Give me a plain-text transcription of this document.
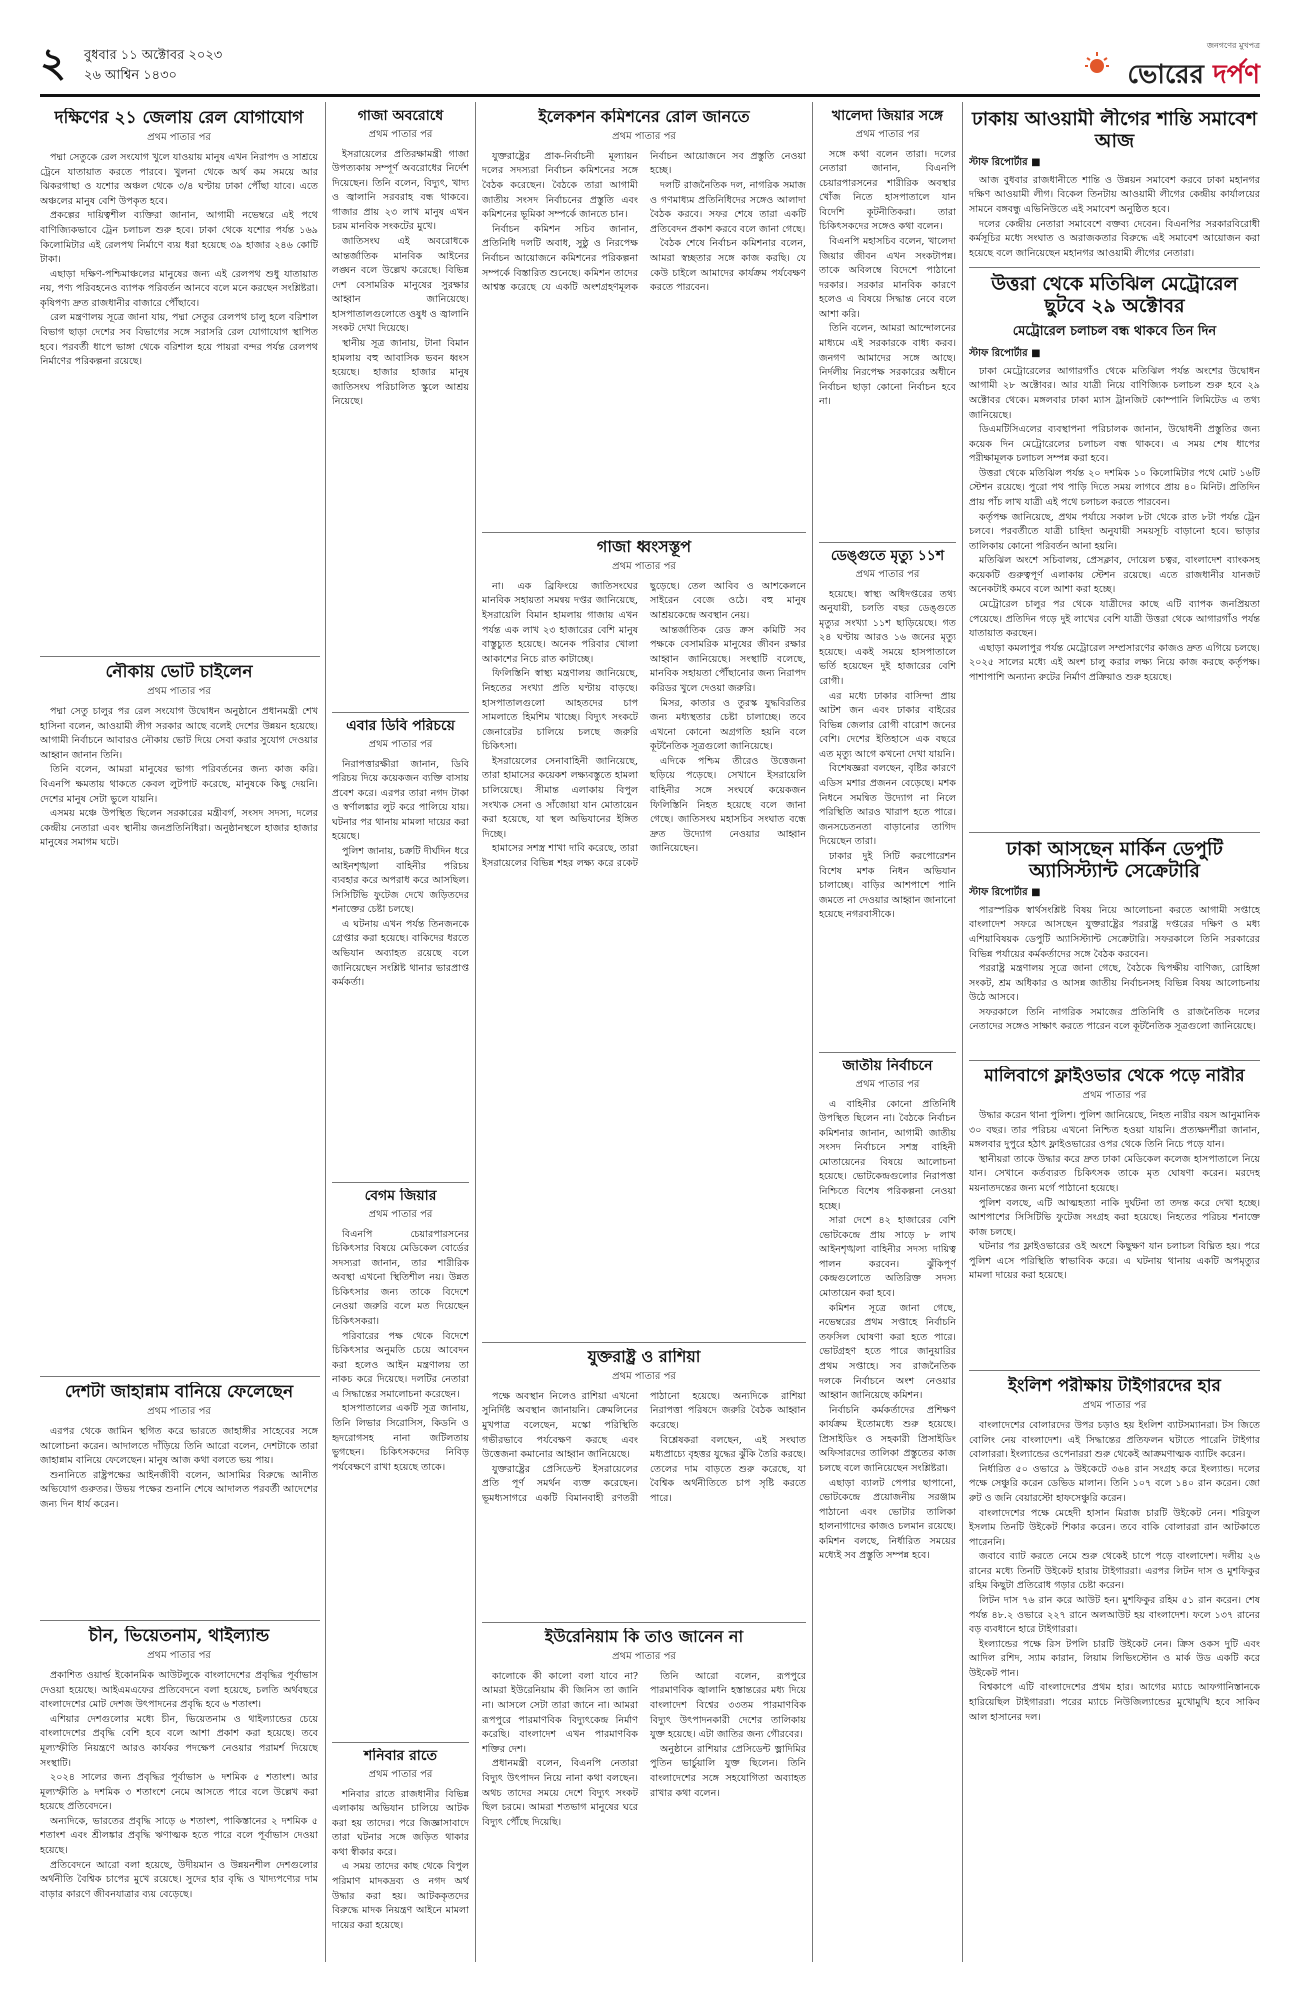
২ বুধবার ১১ অক্টোবর ২০২৩
২৬ আশ্বিন ১৪৩০
জনগণের মুখপত্র
ভোরের দর্পণ
দক্ষিণের ২১ জেলায় রেল যোগাযোগ
প্রথম পাতার পর

পদ্মা সেতুকে রেল সংযোগ খুলে যাওয়ায় মানুষ এখন নিরাপদ ও সাশ্রয়ে ট্রেনে যাতায়াত করতে পারবে। খুলনা থেকে অর্থ কম সময়ে আর ঝিকরগাছা ও যশোর অঞ্চল থেকে ৩/৪ ঘণ্টায় ঢাকা পৌঁছা যাবে। এতে অঞ্চলের মানুষ বেশি উপকৃত হবে।

প্রকল্পের দায়িত্বশীল ব্যক্তিরা জানান, আগামী নভেম্বরে এই পথে বাণিজ্যিকভাবে ট্রেন চলাচল শুরু হবে। ঢাকা থেকে যশোর পর্যন্ত ১৬৯ কিলোমিটার এই রেলপথ নির্মাণে ব্যয় ধরা হয়েছে ৩৯ হাজার ২৪৬ কোটি টাকা।

এছাড়া দক্ষিণ-পশ্চিমাঞ্চলের মানুষের জন্য এই রেলপথ শুধু যাতায়াত নয়, পণ্য পরিবহনেও ব্যাপক পরিবর্তন আনবে বলে মনে করছেন সংশ্লিষ্টরা। কৃষিপণ্য দ্রুত রাজধানীর বাজারে পৌঁছাবে।

রেল মন্ত্রণালয় সূত্রে জানা যায়, পদ্মা সেতুর রেলপথ চালু হলে বরিশাল বিভাগ ছাড়া দেশের সব বিভাগের সঙ্গে সরাসরি রেল যোগাযোগ স্থাপিত হবে। পরবর্তী ধাপে ভাঙ্গা থেকে বরিশাল হয়ে পায়রা বন্দর পর্যন্ত রেলপথ নির্মাণের পরিকল্পনা রয়েছে।

নৌকায় ভোট চাইলেন
প্রথম পাতার পর

পদ্মা সেতু চালুর পর রেল সংযোগ উদ্বোধন অনুষ্ঠানে প্রধানমন্ত্রী শেখ হাসিনা বলেন, আওয়ামী লীগ সরকার আছে বলেই দেশের উন্নয়ন হয়েছে। আগামী নির্বাচনে আবারও নৌকায় ভোট দিয়ে সেবা করার সুযোগ দেওয়ার আহ্বান জানান তিনি।

তিনি বলেন, আমরা মানুষের ভাগ্য পরিবর্তনের জন্য কাজ করি। বিএনপি ক্ষমতায় থাকতে কেবল লুটপাট করেছে, মানুষকে কিছু দেয়নি। দেশের মানুষ সেটা ভুলে যায়নি।

এসময় মঞ্চে উপস্থিত ছিলেন সরকারের মন্ত্রীবর্গ, সংসদ সদস্য, দলের কেন্দ্রীয় নেতারা এবং স্থানীয় জনপ্রতিনিধিরা। অনুষ্ঠানস্থলে হাজার হাজার মানুষের সমাগম ঘটে।

দেশটা জাহান্নাম বানিয়ে ফেলেছেন
প্রথম পাতার পর

এরপর থেকে জামিন স্থগিত করে ভারতে জাহাঙ্গীর সাহেবের সঙ্গে আলোচনা করেন। আদালতে দাঁড়িয়ে তিনি আরো বলেন, দেশটাকে তারা জাহান্নাম বানিয়ে ফেলেছেন। মানুষ আজ কথা বলতে ভয় পায়।

শুনানিতে রাষ্ট্রপক্ষের আইনজীবী বলেন, আসামির বিরুদ্ধে আনীত অভিযোগ গুরুতর। উভয় পক্ষের শুনানি শেষে আদালত পরবর্তী আদেশের জন্য দিন ধার্য করেন।

চীন, ভিয়েতনাম, থাইল্যান্ড
প্রথম পাতার পর

প্রকাশিত ওয়ার্ল্ড ইকোনমিক আউটলুকে বাংলাদেশের প্রবৃদ্ধির পূর্বাভাস দেওয়া হয়েছে। আইএমএফের প্রতিবেদনে বলা হয়েছে, চলতি অর্থবছরে বাংলাদেশের মোট দেশজ উৎপাদনের প্রবৃদ্ধি হবে ৬ শতাংশ।

এশিয়ার দেশগুলোর মধ্যে চীন, ভিয়েতনাম ও থাইল্যান্ডের চেয়ে বাংলাদেশের প্রবৃদ্ধি বেশি হবে বলে আশা প্রকাশ করা হয়েছে। তবে মূল্যস্ফীতি নিয়ন্ত্রণে আরও কার্যকর পদক্ষেপ নেওয়ার পরামর্শ দিয়েছে সংস্থাটি।

২০২৪ সালের জন্য প্রবৃদ্ধির পূর্বাভাস ৬ দশমিক ৫ শতাংশ। আর মূল্যস্ফীতি ৯ দশমিক ৩ শতাংশে নেমে আসতে পারে বলে উল্লেখ করা হয়েছে প্রতিবেদনে।

অন্যদিকে, ভারতের প্রবৃদ্ধি সাড়ে ৬ শতাংশ, পাকিস্তানের ২ দশমিক ৫ শতাংশ এবং শ্রীলঙ্কার প্রবৃদ্ধি ঋণাত্মক হতে পারে বলে পূর্বাভাস দেওয়া হয়েছে।

প্রতিবেদনে আরো বলা হয়েছে, উদীয়মান ও উন্নয়নশীল দেশগুলোর অর্থনীতি বৈশ্বিক চাপের মুখে রয়েছে। সুদের হার বৃদ্ধি ও খাদ্যপণ্যের দাম বাড়ার কারণে জীবনযাত্রার ব্যয় বেড়েছে।

গাজা অবরোধে
প্রথম পাতার পর

ইসরায়েলের প্রতিরক্ষামন্ত্রী গাজা উপত্যকায় সম্পূর্ণ অবরোধের নির্দেশ দিয়েছেন। তিনি বলেন, বিদ্যুৎ, খাদ্য ও জ্বালানি সরবরাহ বন্ধ থাকবে। গাজার প্রায় ২৩ লাখ মানুষ এখন চরম মানবিক সংকটের মুখে।

জাতিসংঘ এই অবরোধকে আন্তর্জাতিক মানবিক আইনের লঙ্ঘন বলে উল্লেখ করেছে। বিভিন্ন দেশ বেসামরিক মানুষের সুরক্ষার আহ্বান জানিয়েছে। হাসপাতালগুলোতে ওষুধ ও জ্বালানি সংকট দেখা দিয়েছে।

স্থানীয় সূত্র জানায়, টানা বিমান হামলায় বহু আবাসিক ভবন ধ্বংস হয়েছে। হাজার হাজার মানুষ জাতিসংঘ পরিচালিত স্কুলে আশ্রয় নিয়েছে।

এবার ডিবি পরিচয়ে
প্রথম পাতার পর

নিরাপত্তারক্ষীরা জানান, ডিবি পরিচয় দিয়ে কয়েকজন ব্যক্তি বাসায় প্রবেশ করে। এরপর তারা নগদ টাকা ও স্বর্ণালঙ্কার লুট করে পালিয়ে যায়। ঘটনার পর থানায় মামলা দায়ের করা হয়েছে।

পুলিশ জানায়, চক্রটি দীর্ঘদিন ধরে আইনশৃঙ্খলা বাহিনীর পরিচয় ব্যবহার করে অপরাধ করে আসছিল। সিসিটিভি ফুটেজ দেখে জড়িতদের শনাক্তের চেষ্টা চলছে।

এ ঘটনায় এখন পর্যন্ত তিনজনকে গ্রেপ্তার করা হয়েছে। বাকিদের ধরতে অভিযান অব্যাহত রয়েছে বলে জানিয়েছেন সংশ্লিষ্ট থানার ভারপ্রাপ্ত কর্মকর্তা।

বেগম জিয়ার
প্রথম পাতার পর

বিএনপি চেয়ারপারসনের চিকিৎসার বিষয়ে মেডিকেল বোর্ডের সদস্যরা জানান, তার শারীরিক অবস্থা এখনো স্থিতিশীল নয়। উন্নত চিকিৎসার জন্য তাকে বিদেশে নেওয়া জরুরি বলে মত দিয়েছেন চিকিৎসকরা।

পরিবারের পক্ষ থেকে বিদেশে চিকিৎসার অনুমতি চেয়ে আবেদন করা হলেও আইন মন্ত্রণালয় তা নাকচ করে দিয়েছে। দলটির নেতারা এ সিদ্ধান্তের সমালোচনা করেছেন।

হাসপাতালের একটি সূত্র জানায়, তিনি লিভার সিরোসিস, কিডনি ও হৃদরোগসহ নানা জটিলতায় ভুগছেন। চিকিৎসকদের নিবিড় পর্যবেক্ষণে রাখা হয়েছে তাকে।

শনিবার রাতে
প্রথম পাতার পর

শনিবার রাতে রাজধানীর বিভিন্ন এলাকায় অভিযান চালিয়ে আটক করা হয় তাদের। পরে জিজ্ঞাসাবাদে তারা ঘটনার সঙ্গে জড়িত থাকার কথা স্বীকার করে।

এ সময় তাদের কাছ থেকে বিপুল পরিমাণ মাদকদ্রব্য ও নগদ অর্থ উদ্ধার করা হয়। আটককৃতদের বিরুদ্ধে মাদক নিয়ন্ত্রণ আইনে মামলা দায়ের করা হয়েছে।

ইলেকশন কমিশনের রোল জানতে
প্রথম পাতার পর

যুক্তরাষ্ট্রের প্রাক-নির্বাচনী মূল্যায়ন দলের সদস্যরা নির্বাচন কমিশনের সঙ্গে বৈঠক করেছেন। বৈঠকে তারা আগামী জাতীয় সংসদ নির্বাচনের প্রস্তুতি এবং কমিশনের ভূমিকা সম্পর্কে জানতে চান।

নির্বাচন কমিশন সচিব জানান, প্রতিনিধি দলটি অবাধ, সুষ্ঠু ও নিরপেক্ষ নির্বাচন আয়োজনে কমিশনের পরিকল্পনা সম্পর্কে বিস্তারিত শুনেছে। কমিশন তাদের আশ্বস্ত করেছে যে একটি অংশগ্রহণমূলক নির্বাচন আয়োজনে সব প্রস্তুতি নেওয়া হচ্ছে।

দলটি রাজনৈতিক দল, নাগরিক সমাজ ও গণমাধ্যম প্রতিনিধিদের সঙ্গেও আলাদা বৈঠক করবে। সফর শেষে তারা একটি প্রতিবেদন প্রকাশ করবে বলে জানা গেছে।

বৈঠক শেষে নির্বাচন কমিশনার বলেন, আমরা স্বচ্ছতার সঙ্গে কাজ করছি। যে কেউ চাইলে আমাদের কার্যক্রম পর্যবেক্ষণ করতে পারবেন।

গাজা ধ্বংসস্তূপ
প্রথম পাতার পর

না। এক ব্রিফিংয়ে জাতিসংঘের মানবিক সহায়তা সমন্বয় দপ্তর জানিয়েছে, ইসরায়েলি বিমান হামলায় গাজায় এখন পর্যন্ত এক লাখ ২৩ হাজারের বেশি মানুষ বাস্তুচ্যুত হয়েছে। অনেক পরিবার খোলা আকাশের নিচে রাত কাটাচ্ছে।

ফিলিস্তিনি স্বাস্থ্য মন্ত্রণালয় জানিয়েছে, নিহতের সংখ্যা প্রতি ঘণ্টায় বাড়ছে। হাসপাতালগুলো আহতদের চাপ সামলাতে হিমশিম খাচ্ছে। বিদ্যুৎ সংকটে জেনারেটর চালিয়ে চলছে জরুরি চিকিৎসা।

ইসরায়েলের সেনাবাহিনী জানিয়েছে, তারা হামাসের কয়েকশ লক্ষ্যবস্তুতে হামলা চালিয়েছে। সীমান্ত এলাকায় বিপুল সংখ্যক সেনা ও সাঁজোয়া যান মোতায়েন করা হয়েছে, যা স্থল অভিযানের ইঙ্গিত দিচ্ছে।

হামাসের সশস্ত্র শাখা দাবি করেছে, তারা ইসরায়েলের বিভিন্ন শহর লক্ষ্য করে রকেট ছুড়েছে। তেল আবিব ও আশকেলনে সাইরেন বেজে ওঠে। বহু মানুষ আশ্রয়কেন্দ্রে অবস্থান নেয়।

আন্তর্জাতিক রেড ক্রস কমিটি সব পক্ষকে বেসামরিক মানুষের জীবন রক্ষার আহ্বান জানিয়েছে। সংস্থাটি বলেছে, মানবিক সহায়তা পৌঁছানোর জন্য নিরাপদ করিডর খুলে দেওয়া জরুরি।

মিসর, কাতার ও তুরস্ক যুদ্ধবিরতির জন্য মধ্যস্থতার চেষ্টা চালাচ্ছে। তবে এখনো কোনো অগ্রগতি হয়নি বলে কূটনৈতিক সূত্রগুলো জানিয়েছে।

এদিকে পশ্চিম তীরেও উত্তেজনা ছড়িয়ে পড়েছে। সেখানে ইসরায়েলি বাহিনীর সঙ্গে সংঘর্ষে কয়েকজন ফিলিস্তিনি নিহত হয়েছে বলে জানা গেছে। জাতিসংঘ মহাসচিব সংঘাত বন্ধে দ্রুত উদ্যোগ নেওয়ার আহ্বান জানিয়েছেন।

যুক্তরাষ্ট্র ও রাশিয়া
প্রথম পাতার পর

পক্ষে অবস্থান নিলেও রাশিয়া এখনো সুনির্দিষ্ট অবস্থান জানায়নি। ক্রেমলিনের মুখপাত্র বলেছেন, মস্কো পরিস্থিতি গভীরভাবে পর্যবেক্ষণ করছে এবং উত্তেজনা কমানোর আহ্বান জানিয়েছে।

যুক্তরাষ্ট্রের প্রেসিডেন্ট ইসরায়েলের প্রতি পূর্ণ সমর্থন ব্যক্ত করেছেন। ভূমধ্যসাগরে একটি বিমানবাহী রণতরী পাঠানো হয়েছে। অন্যদিকে রাশিয়া নিরাপত্তা পরিষদে জরুরি বৈঠক আহ্বান করেছে।

বিশ্লেষকরা বলছেন, এই সংঘাত মধ্যপ্রাচ্যে বৃহত্তর যুদ্ধের ঝুঁকি তৈরি করছে। তেলের দাম বাড়তে শুরু করেছে, যা বৈশ্বিক অর্থনীতিতে চাপ সৃষ্টি করতে পারে।

ইউরেনিয়াম কি তাও জানেন না
প্রথম পাতার পর

কালোকে কী কালো বলা যাবে না? আমরা ইউরেনিয়াম কী জিনিস তা জানি না। আসলে সেটা তারা জানে না। আমরা রূপপুরে পারমাণবিক বিদ্যুৎকেন্দ্র নির্মাণ করেছি। বাংলাদেশ এখন পারমাণবিক শক্তির দেশ।

প্রধানমন্ত্রী বলেন, বিএনপি নেতারা বিদ্যুৎ উৎপাদন নিয়ে নানা কথা বলছেন। অথচ তাদের সময়ে দেশে বিদ্যুৎ সংকট ছিল চরমে। আমরা শতভাগ মানুষের ঘরে বিদ্যুৎ পৌঁছে দিয়েছি।

তিনি আরো বলেন, রূপপুরে পারমাণবিক জ্বালানি হস্তান্তরের মধ্য দিয়ে বাংলাদেশ বিশ্বের ৩৩তম পারমাণবিক বিদ্যুৎ উৎপাদনকারী দেশের তালিকায় যুক্ত হয়েছে। এটা জাতির জন্য গৌরবের।

অনুষ্ঠানে রাশিয়ার প্রেসিডেন্ট ভ্লাদিমির পুতিন ভার্চুয়ালি যুক্ত ছিলেন। তিনি বাংলাদেশের সঙ্গে সহযোগিতা অব্যাহত রাখার কথা বলেন।

খালেদা জিয়ার সঙ্গে
প্রথম পাতার পর

সঙ্গে কথা বলেন তারা। দলের নেতারা জানান, বিএনপি চেয়ারপারসনের শারীরিক অবস্থার খোঁজ নিতে হাসপাতালে যান বিদেশি কূটনীতিকরা। তারা চিকিৎসকদের সঙ্গেও কথা বলেন।

বিএনপি মহাসচিব বলেন, খালেদা জিয়ার জীবন এখন সংকটাপন্ন। তাকে অবিলম্বে বিদেশে পাঠানো দরকার। সরকার মানবিক কারণে হলেও এ বিষয়ে সিদ্ধান্ত নেবে বলে আশা করি।

তিনি বলেন, আমরা আন্দোলনের মাধ্যমে এই সরকারকে বাধ্য করব। জনগণ আমাদের সঙ্গে আছে। নির্দলীয় নিরপেক্ষ সরকারের অধীনে নির্বাচন ছাড়া কোনো নির্বাচন হবে না।

ডেঙ্গুতে মৃত্যু ১১শ
প্রথম পাতার পর

হয়েছে। স্বাস্থ্য অধিদপ্তরের তথ্য অনুযায়ী, চলতি বছর ডেঙ্গুতে মৃত্যুর সংখ্যা ১১শ ছাড়িয়েছে। গত ২৪ ঘণ্টায় আরও ১৬ জনের মৃত্যু হয়েছে। একই সময়ে হাসপাতালে ভর্তি হয়েছেন দুই হাজারের বেশি রোগী।

এর মধ্যে ঢাকার বাসিন্দা প্রায় আটশ জন এবং ঢাকার বাইরের বিভিন্ন জেলার রোগী বারোশ জনের বেশি। দেশের ইতিহাসে এক বছরে এত মৃত্যু আগে কখনো দেখা যায়নি।

বিশেষজ্ঞরা বলছেন, বৃষ্টির কারণে এডিস মশার প্রজনন বেড়েছে। মশক নিধনে সমন্বিত উদ্যোগ না নিলে পরিস্থিতি আরও খারাপ হতে পারে। জনসচেতনতা বাড়ানোর তাগিদ দিয়েছেন তারা।

ঢাকার দুই সিটি করপোরেশন বিশেষ মশক নিধন অভিযান চালাচ্ছে। বাড়ির আশপাশে পানি জমতে না দেওয়ার আহ্বান জানানো হয়েছে নগরবাসীকে।

জাতীয় নির্বাচনে
প্রথম পাতার পর

এ বাহিনীর কোনো প্রতিনিধি উপস্থিত ছিলেন না। বৈঠকে নির্বাচন কমিশনার জানান, আগামী জাতীয় সংসদ নির্বাচনে সশস্ত্র বাহিনী মোতায়েনের বিষয়ে আলোচনা হয়েছে। ভোটকেন্দ্রগুলোর নিরাপত্তা নিশ্চিতে বিশেষ পরিকল্পনা নেওয়া হচ্ছে।

সারা দেশে ৪২ হাজারের বেশি ভোটকেন্দ্রে প্রায় সাড়ে ৮ লাখ আইনশৃঙ্খলা বাহিনীর সদস্য দায়িত্ব পালন করবেন। ঝুঁকিপূর্ণ কেন্দ্রগুলোতে অতিরিক্ত সদস্য মোতায়েন করা হবে।

কমিশন সূত্রে জানা গেছে, নভেম্বরের প্রথম সপ্তাহে নির্বাচনি তফসিল ঘোষণা করা হতে পারে। ভোটগ্রহণ হতে পারে জানুয়ারির প্রথম সপ্তাহে। সব রাজনৈতিক দলকে নির্বাচনে অংশ নেওয়ার আহ্বান জানিয়েছে কমিশন।

নির্বাচনি কর্মকর্তাদের প্রশিক্ষণ কার্যক্রম ইতোমধ্যে শুরু হয়েছে। প্রিসাইডিং ও সহকারী প্রিসাইডিং অফিসারদের তালিকা প্রস্তুতের কাজ চলছে বলে জানিয়েছেন সংশ্লিষ্টরা।

এছাড়া ব্যালট পেপার ছাপানো, ভোটকেন্দ্রে প্রয়োজনীয় সরঞ্জাম পাঠানো এবং ভোটার তালিকা হালনাগাদের কাজও চলমান রয়েছে। কমিশন বলছে, নির্ধারিত সময়ের মধ্যেই সব প্রস্তুতি সম্পন্ন হবে।

ঢাকায় আওয়ামী লীগের শান্তি সমাবেশ আজ
স্টাফ রিপোর্টার ■

আজ বুধবার রাজধানীতে শান্তি ও উন্নয়ন সমাবেশ করবে ঢাকা মহানগর দক্ষিণ আওয়ামী লীগ। বিকেল তিনটায় আওয়ামী লীগের কেন্দ্রীয় কার্যালয়ের সামনে বঙ্গবন্ধু এভিনিউতে এই সমাবেশ অনুষ্ঠিত হবে।

দলের কেন্দ্রীয় নেতারা সমাবেশে বক্তব্য দেবেন। বিএনপির সরকারবিরোধী কর্মসূচির মধ্যে সংঘাত ও অরাজকতার বিরুদ্ধে এই সমাবেশ আয়োজন করা হয়েছে বলে জানিয়েছেন মহানগর আওয়ামী লীগের নেতারা।

উত্তরা থেকে মতিঝিল মেট্রোরেল ছুটবে ২৯ অক্টোবর
মেট্রোরেল চলাচল বন্ধ থাকবে তিন দিন
স্টাফ রিপোর্টার ■

ঢাকা মেট্রোরেলের আগারগাঁও থেকে মতিঝিল পর্যন্ত অংশের উদ্বোধন আগামী ২৮ অক্টোবর। আর যাত্রী নিয়ে বাণিজ্যিক চলাচল শুরু হবে ২৯ অক্টোবর থেকে। মঙ্গলবার ঢাকা ম্যাস ট্রানজিট কোম্পানি লিমিটেড এ তথ্য জানিয়েছে।

ডিএমটিসিএলের ব্যবস্থাপনা পরিচালক জানান, উদ্বোধনী প্রস্তুতির জন্য কয়েক দিন মেট্রোরেলের চলাচল বন্ধ থাকবে। এ সময় শেষ ধাপের পরীক্ষামূলক চলাচল সম্পন্ন করা হবে।

উত্তরা থেকে মতিঝিল পর্যন্ত ২০ দশমিক ১০ কিলোমিটার পথে মোট ১৬টি স্টেশন রয়েছে। পুরো পথ পাড়ি দিতে সময় লাগবে প্রায় ৪০ মিনিট। প্রতিদিন প্রায় পাঁচ লাখ যাত্রী এই পথে চলাচল করতে পারবেন।

কর্তৃপক্ষ জানিয়েছে, প্রথম পর্যায়ে সকাল ৮টা থেকে রাত ৮টা পর্যন্ত ট্রেন চলবে। পরবর্তীতে যাত্রী চাহিদা অনুযায়ী সময়সূচি বাড়ানো হবে। ভাড়ার তালিকায় কোনো পরিবর্তন আনা হয়নি।

মতিঝিল অংশে সচিবালয়, প্রেসক্লাব, দোয়েল চত্বর, বাংলাদেশ ব্যাংকসহ কয়েকটি গুরুত্বপূর্ণ এলাকায় স্টেশন রয়েছে। এতে রাজধানীর যানজট অনেকটাই কমবে বলে আশা করা হচ্ছে।

মেট্রোরেল চালুর পর থেকে যাত্রীদের কাছে এটি ব্যাপক জনপ্রিয়তা পেয়েছে। প্রতিদিন গড়ে দুই লাখের বেশি যাত্রী উত্তরা থেকে আগারগাঁও পর্যন্ত যাতায়াত করছেন।

এছাড়া কমলাপুর পর্যন্ত মেট্রোরেল সম্প্রসারণের কাজও দ্রুত এগিয়ে চলছে। ২০২৫ সালের মধ্যে এই অংশ চালু করার লক্ষ্য নিয়ে কাজ করছে কর্তৃপক্ষ। পাশাপাশি অন্যান্য রুটের নির্মাণ প্রক্রিয়াও শুরু হয়েছে।

ঢাকা আসছেন মার্কিন ডেপুটি অ্যাসিস্ট্যান্ট সেক্রেটারি
স্টাফ রিপোর্টার ■

পারস্পরিক স্বার্থসংশ্লিষ্ট বিষয় নিয়ে আলোচনা করতে আগামী সপ্তাহে বাংলাদেশ সফরে আসছেন যুক্তরাষ্ট্রের পররাষ্ট্র দপ্তরের দক্ষিণ ও মধ্য এশিয়াবিষয়ক ডেপুটি অ্যাসিস্ট্যান্ট সেক্রেটারি। সফরকালে তিনি সরকারের বিভিন্ন পর্যায়ের কর্মকর্তাদের সঙ্গে বৈঠক করবেন।

পররাষ্ট্র মন্ত্রণালয় সূত্রে জানা গেছে, বৈঠকে দ্বিপক্ষীয় বাণিজ্য, রোহিঙ্গা সংকট, শ্রম অধিকার ও আসন্ন জাতীয় নির্বাচনসহ বিভিন্ন বিষয় আলোচনায় উঠে আসবে।

সফরকালে তিনি নাগরিক সমাজের প্রতিনিধি ও রাজনৈতিক দলের নেতাদের সঙ্গেও সাক্ষাৎ করতে পারেন বলে কূটনৈতিক সূত্রগুলো জানিয়েছে।

মালিবাগে ফ্লাইওভার থেকে পড়ে নারীর
প্রথম পাতার পর

উদ্ধার করেন থানা পুলিশ। পুলিশ জানিয়েছে, নিহত নারীর বয়স আনুমানিক ৩০ বছর। তার পরিচয় এখনো নিশ্চিত হওয়া যায়নি। প্রত্যক্ষদর্শীরা জানান, মঙ্গলবার দুপুরে হঠাৎ ফ্লাইওভারের ওপর থেকে তিনি নিচে পড়ে যান।

স্থানীয়রা তাকে উদ্ধার করে দ্রুত ঢাকা মেডিকেল কলেজ হাসপাতালে নিয়ে যান। সেখানে কর্তব্যরত চিকিৎসক তাকে মৃত ঘোষণা করেন। মরদেহ ময়নাতদন্তের জন্য মর্গে পাঠানো হয়েছে।

পুলিশ বলছে, এটি আত্মহত্যা নাকি দুর্ঘটনা তা তদন্ত করে দেখা হচ্ছে। আশপাশের সিসিটিভি ফুটেজ সংগ্রহ করা হয়েছে। নিহতের পরিচয় শনাক্তে কাজ চলছে।

ঘটনার পর ফ্লাইওভারের ওই অংশে কিছুক্ষণ যান চলাচল বিঘ্নিত হয়। পরে পুলিশ এসে পরিস্থিতি স্বাভাবিক করে। এ ঘটনায় থানায় একটি অপমৃত্যুর মামলা দায়ের করা হয়েছে।

ইংলিশ পরীক্ষায় টাইগারদের হার
প্রথম পাতার পর

বাংলাদেশের বোলারদের উপর চড়াও হয় ইংলিশ ব্যাটসম্যানরা। টস জিতে বোলিং নেয় বাংলাদেশ। এই সিদ্ধান্তের প্রতিফলন ঘটাতে পারেনি টাইগার বোলাররা। ইংল্যান্ডের ওপেনাররা শুরু থেকেই আক্রমণাত্মক ব্যাটিং করেন।

নির্ধারিত ৫০ ওভারে ৯ উইকেটে ৩৬৪ রান সংগ্রহ করে ইংল্যান্ড। দলের পক্ষে সেঞ্চুরি করেন ডেভিড মালান। তিনি ১০৭ বলে ১৪০ রান করেন। জো রুট ও জনি বেয়ারস্টো হাফসেঞ্চুরি করেন।

বাংলাদেশের পক্ষে মেহেদী হাসান মিরাজ চারটি উইকেট নেন। শরিফুল ইসলাম তিনটি উইকেট শিকার করেন। তবে বাকি বোলাররা রান আটকাতে পারেননি।

জবাবে ব্যাট করতে নেমে শুরু থেকেই চাপে পড়ে বাংলাদেশ। দলীয় ২৬ রানের মধ্যে তিনটি উইকেট হারায় টাইগাররা। এরপর লিটন দাস ও মুশফিকুর রহিম কিছুটা প্রতিরোধ গড়ার চেষ্টা করেন।

লিটন দাস ৭৬ রান করে আউট হন। মুশফিকুর রহিম ৫১ রান করেন। শেষ পর্যন্ত ৪৮.২ ওভারে ২২৭ রানে অলআউট হয় বাংলাদেশ। ফলে ১৩৭ রানের বড় ব্যবধানে হারে টাইগাররা।

ইংল্যান্ডের পক্ষে রিস টপলি চারটি উইকেট নেন। ক্রিস ওকস দুটি এবং আদিল রশিদ, স্যাম কারান, লিয়াম লিভিংস্টোন ও মার্ক উড একটি করে উইকেট পান।

বিশ্বকাপে এটি বাংলাদেশের প্রথম হার। আগের ম্যাচে আফগানিস্তানকে হারিয়েছিল টাইগাররা। পরের ম্যাচে নিউজিল্যান্ডের মুখোমুখি হবে সাকিব আল হাসানের দল।
